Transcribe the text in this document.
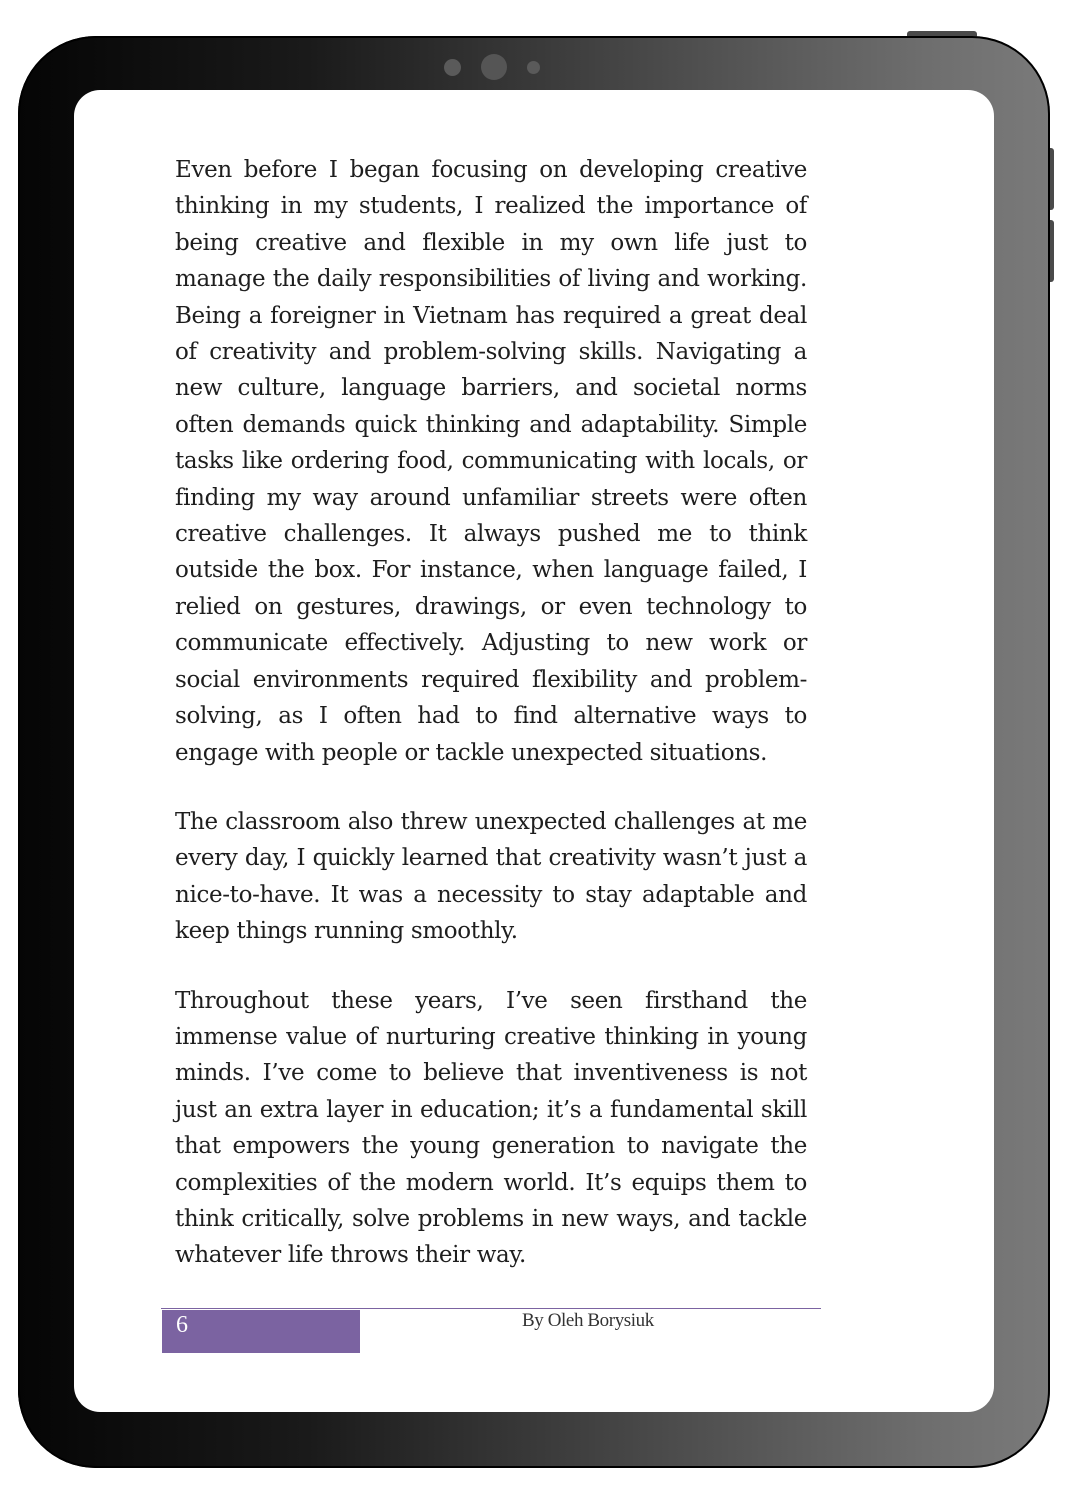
Even before I began focusing on developing creative thinking in my students, I realized the importance of being creative and flexible in my own life just to manage the daily responsibilities of living and working. Being a foreigner in Vietnam has required a great deal of creativity and problem-solving skills. Navigating a new culture, language barriers, and societal norms often demands quick thinking and adaptability. Simple tasks like ordering food, communicating with locals, or finding my way around unfamiliar streets were often creative challenges. It always pushed me to think outside the box. For instance, when language failed, I relied on gestures, drawings, or even technology to communicate effectively. Adjusting to new work or social environments required flexibility and problem-solving, as I often had to find alternative ways to engage with people or tackle unexpected situations.

The classroom also threw unexpected challenges at me every day, I quickly learned that creativity wasn’t just a nice-to-have. It was a necessity to stay adaptable and keep things running smoothly.

Throughout these years, I’ve seen firsthand the immense value of nurturing creative thinking in young minds. I’ve come to believe that inventiveness is not just an extra layer in education; it’s a fundamental skill that empowers the young generation to navigate the complexities of the modern world. It’s equips them to think critically, solve problems in new ways, and tackle whatever life throws their way.

6	By Oleh Borysiuk
